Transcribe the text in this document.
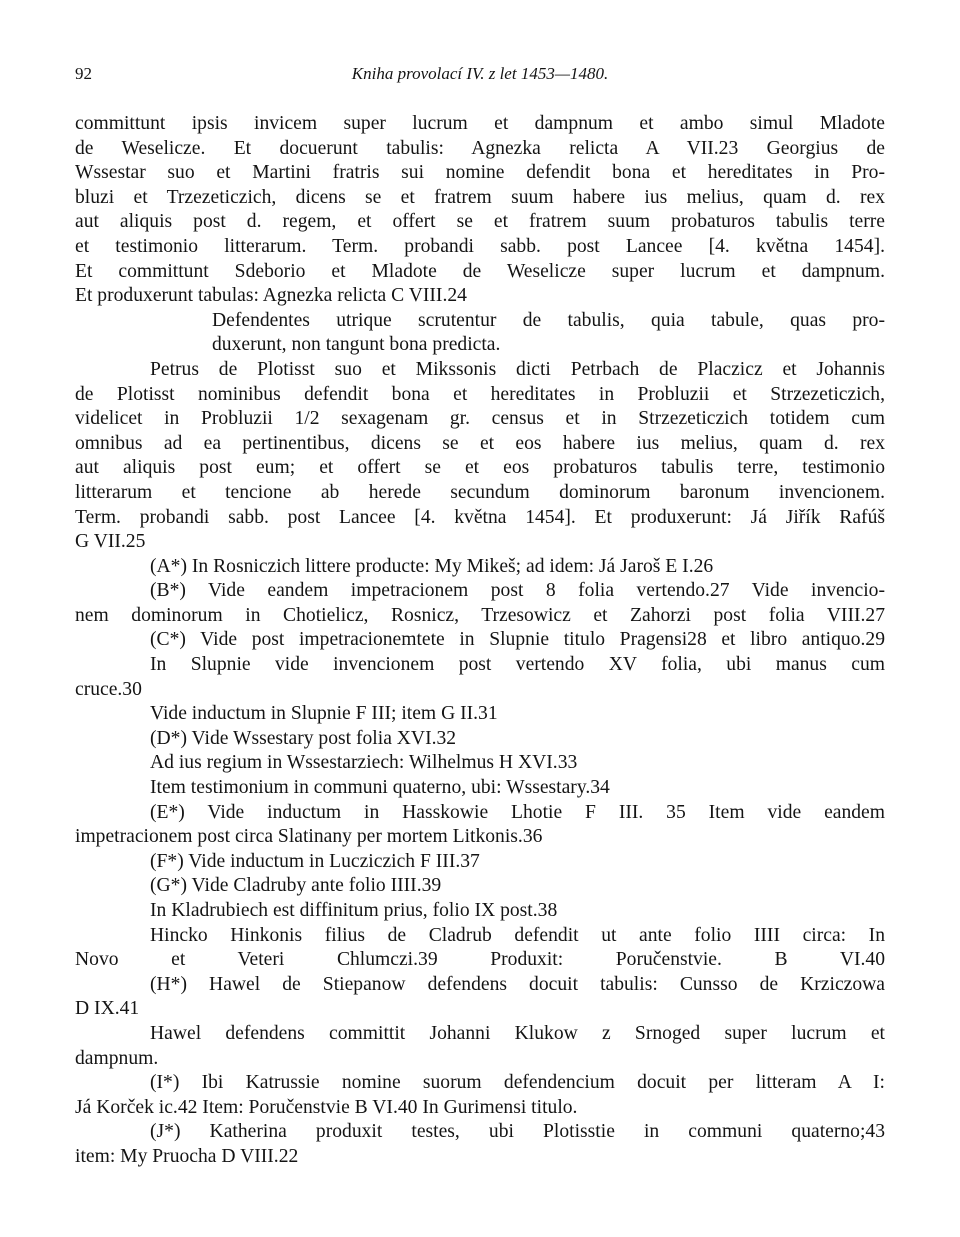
92	Kniha provolací IV. z let 1453—1480.
committunt ipsis invicem super lucrum et dampnum et ambo simul Mladote
de Weselicze. Et docuerunt tabulis: Agnezka relicta A VII.23 Georgius de
Wssestar suo et Martini fratris sui nomine defendit bona et hereditates in Pro-
bluzi et Trzezeticzich, dicens se et fratrem suum habere ius melius, quam d. rex
aut aliquis post d. regem, et offert se et fratrem suum probaturos tabulis terre
et testimonio litterarum. Term. probandi sabb. post Lancee [4. května 1454].
Et committunt Sdeborio et Mladote de Weselicze super lucrum et dampnum.
Et produxerunt tabulas: Agnezka relicta C VIII.24
Defendentes utrique scrutentur de tabulis, quia tabule, quas pro-
duxerunt, non tangunt bona predicta.
Petrus de Plotisst suo et Mikssonis dicti Petrbach de Placzicz et Johannis
de Plotisst nominibus defendit bona et hereditates in Probluzii et Strzezeticzich,
videlicet in Probluzii 1/2 sexagenam gr. census et in Strzezeticzich totidem cum
omnibus ad ea pertinentibus, dicens se et eos habere ius melius, quam d. rex
aut aliquis post eum; et offert se et eos probaturos tabulis terre, testimonio
litterarum et tencione ab herede secundum dominorum baronum invencionem.
Term. probandi sabb. post Lancee [4. května 1454]. Et produxerunt: Já Jiřík Rafúš
G VII.25
(A*) In Rosniczich littere producte: My Mikeš; ad idem: Já Jaroš E I.26
(B*) Vide eandem impetracionem post 8 folia vertendo.27 Vide invencio-
nem dominorum in Chotielicz, Rosnicz, Trzesowicz et Zahorzi post folia VIII.27
(C*) Vide post impetracionemtete in Slupnie titulo Pragensi28 et libro antiquo.29
In Slupnie vide invencionem post vertendo XV folia, ubi manus cum
cruce.30
Vide inductum in Slupnie F III; item G II.31
(D*) Vide Wssestary post folia XVI.32
Ad ius regium in Wssestarziech: Wilhelmus H XVI.33
Item testimonium in communi quaterno, ubi: Wssestary.34
(E*) Vide inductum in Hasskowie Lhotie F III. 35 Item vide eandem
impetracionem post circa Slatinany per mortem Litkonis.36
(F*) Vide inductum in Lucziczich F III.37
(G*) Vide Cladruby ante folio IIII.39
In Kladrubiech est diffinitum prius, folio IX post.38
Hincko Hinkonis filius de Cladrub defendit ut ante folio IIII circa: In
Novo et Veteri Chlumczi.39 Produxit: Poručenstvie. B VI.40
(H*) Hawel de Stiepanow defendens docuit tabulis: Cunsso de Krziczowa
D IX.41
Hawel defendens committit Johanni Klukow z Srnoged super lucrum et
dampnum.
(I*) Ibi Katrussie nomine suorum defendencium docuit per litteram A I:
Já Korček ic.42 Item: Poručenstvie B VI.40 In Gurimensi titulo.
(J*) Katherina produxit testes, ubi Plotisstie in communi quaterno;43
item: My Pruocha D VIII.22
